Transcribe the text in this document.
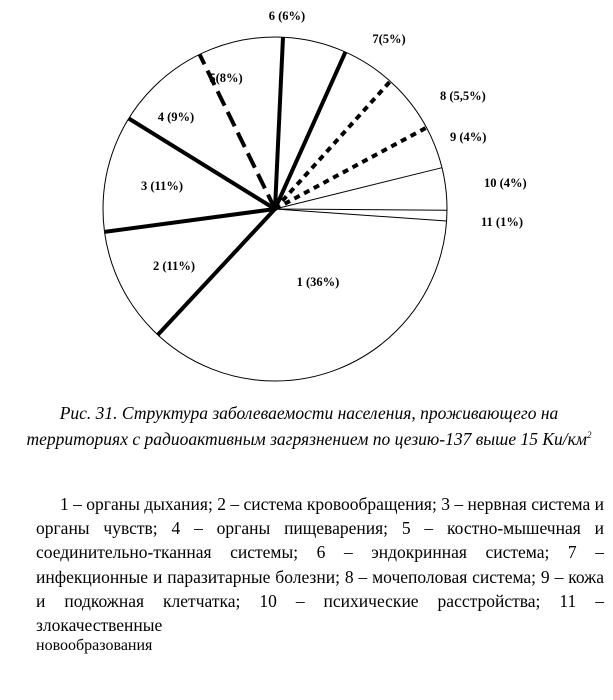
1 (36%)
2 (11%)
3 (11%)
4 (9%)
5(8%)
6 (6%)
7(5%)
8 (5,5%)
9 (4%)
10 (4%)
11 (1%)
Рис. 31. Структура заболеваемости населения, проживающего на территориях с радиоактивным загрязнением по цезию-137 выше 15 $Ки/км^2$
1 – органы дыхания; 2 – система кровообращения; 3 – нервная система и органы чувств; 4 – органы пищеварения; 5 – костно-мышечная и соединительно-тканная системы; 6 – эндокринная система; 7 – инфекционные и паразитарные болезни; 8 – мочеполовая система; 9 – кожа и подкожная клетчатка; 10 – психические расстройства; 11 – злокачественные
новообразования
